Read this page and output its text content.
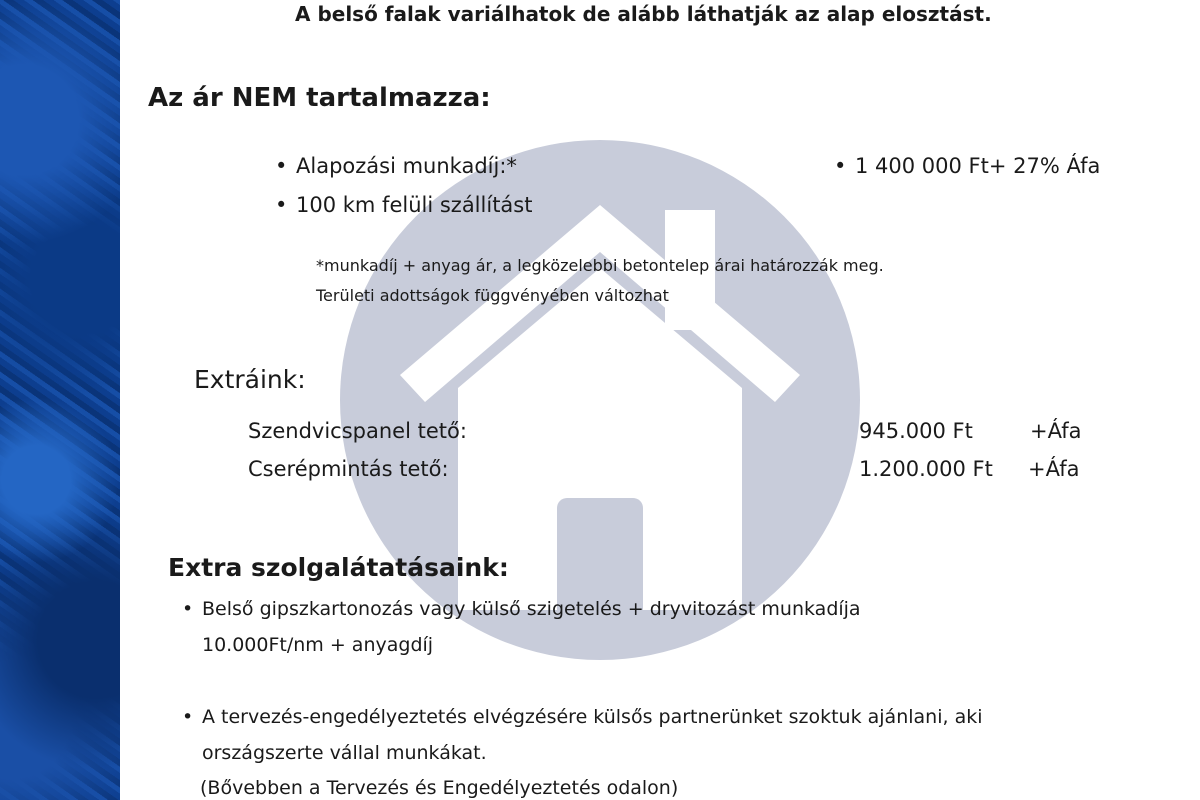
A belső falak variálhatok de alább láthatják az alap elosztást.
Az ár NEM tartalmazza:
• Alapozási munkadíj:*
•	1 400 000 Ft+ 27% Áfa
• 100 km felüli szállítást
*munkadíj + anyag ár, a legközelebbi betontelep árai határozzák meg.
Területi adottságok függvényében változhat
Extráink:
Szendvicspanel tető:	945.000 Ft	+Áfa
Cserépmintás tető:	1.200.000 Ft +Áfa
Extra szolgalátatásaink:
• Belső gipszkartonozás vagy külső szigetelés + dryvitozást munkadíja
10.000Ft/nm + anyagdíj
• A tervezés-engedélyeztetés elvégzésére külsős partnerünket szoktuk ajánlani, aki
országszerte vállal munkákat.
(Bővebben a Tervezés és Engedélyeztetés odalon)
